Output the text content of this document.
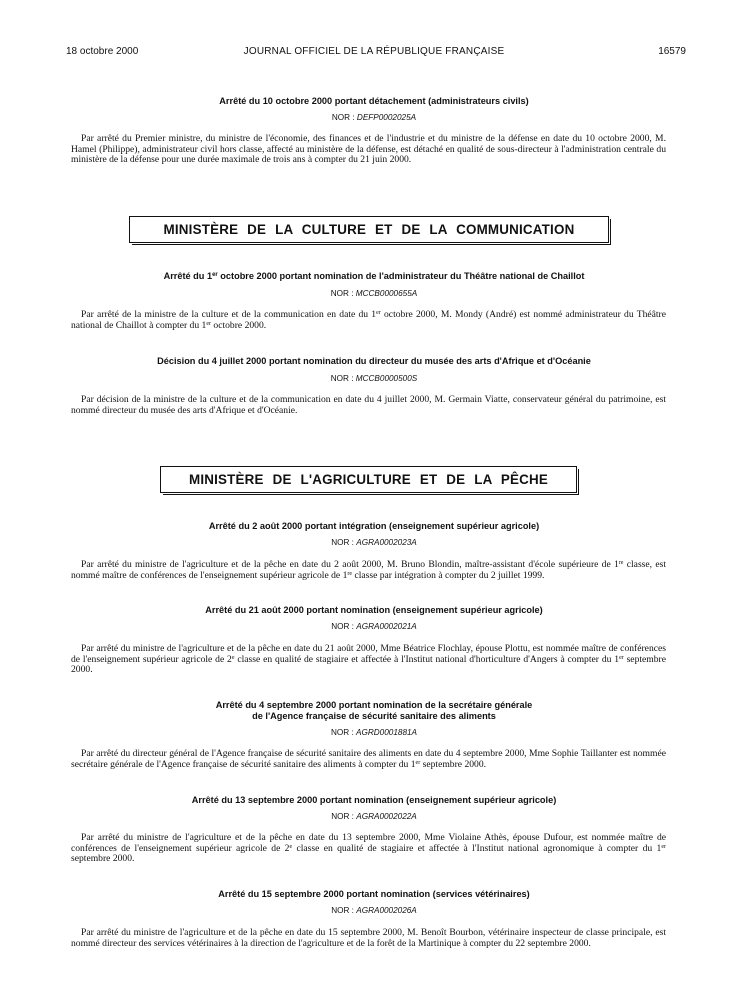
18 octobre 2000	JOURNAL OFFICIEL DE LA RÉPUBLIQUE FRANÇAISE	16579
Arrêté du 10 octobre 2000 portant détachement (administrateurs civils)
NOR : DEFP0002025A
Par arrêté du Premier ministre, du ministre de l'économie, des finances et de l'industrie et du ministre de la défense en date du 10 octobre 2000, M. Hamel (Philippe), administrateur civil hors classe, affecté au ministère de la défense, est détaché en qualité de sous-directeur à l'administration centrale du ministère de la défense pour une durée maximale de trois ans à compter du 21 juin 2000.
MINISTÈRE DE LA CULTURE ET DE LA COMMUNICATION
Arrêté du 1er octobre 2000 portant nomination de l'administrateur du Théâtre national de Chaillot
NOR : MCCB0000655A
Par arrêté de la ministre de la culture et de la communication en date du 1er octobre 2000, M. Mondy (André) est nommé administrateur du Théâtre national de Chaillot à compter du 1er octobre 2000.
Décision du 4 juillet 2000 portant nomination du directeur du musée des arts d'Afrique et d'Océanie
NOR : MCCB0000500S
Par décision de la ministre de la culture et de la communication en date du 4 juillet 2000, M. Germain Viatte, conservateur général du patrimoine, est nommé directeur du musée des arts d'Afrique et d'Océanie.
MINISTÈRE DE L'AGRICULTURE ET DE LA PÊCHE
Arrêté du 2 août 2000 portant intégration (enseignement supérieur agricole)
NOR : AGRA0002023A
Par arrêté du ministre de l'agriculture et de la pêche en date du 2 août 2000, M. Bruno Blondin, maître-assistant d'école supérieure de 1re classe, est nommé maître de conférences de l'enseignement supérieur agricole de 1re classe par intégration à compter du 2 juillet 1999.
Arrêté du 21 août 2000 portant nomination (enseignement supérieur agricole)
NOR : AGRA0002021A
Par arrêté du ministre de l'agriculture et de la pêche en date du 21 août 2000, Mme Béatrice Flochlay, épouse Plottu, est nommée maître de conférences de l'enseignement supérieur agricole de 2e classe en qualité de stagiaire et affectée à l'Institut national d'horticulture d'Angers à compter du 1er septembre 2000.
Arrêté du 4 septembre 2000 portant nomination de la secrétaire générale
de l'Agence française de sécurité sanitaire des aliments
NOR : AGRD0001881A
Par arrêté du directeur général de l'Agence française de sécurité sanitaire des aliments en date du 4 septembre 2000, Mme Sophie Taillanter est nommée secrétaire générale de l'Agence française de sécurité sanitaire des aliments à compter du 1er septembre 2000.
Arrêté du 13 septembre 2000 portant nomination (enseignement supérieur agricole)
NOR : AGRA0002022A
Par arrêté du ministre de l'agriculture et de la pêche en date du 13 septembre 2000, Mme Violaine Athès, épouse Dufour, est nommée maître de conférences de l'enseignement supérieur agricole de 2e classe en qualité de stagiaire et affectée à l'Institut national agronomique à compter du 1er septembre 2000.
Arrêté du 15 septembre 2000 portant nomination (services vétérinaires)
NOR : AGRA0002026A
Par arrêté du ministre de l'agriculture et de la pêche en date du 15 septembre 2000, M. Benoît Bourbon, vétérinaire inspecteur de classe principale, est nommé directeur des services vétérinaires à la direction de l'agriculture et de la forêt de la Martinique à compter du 22 septembre 2000.
